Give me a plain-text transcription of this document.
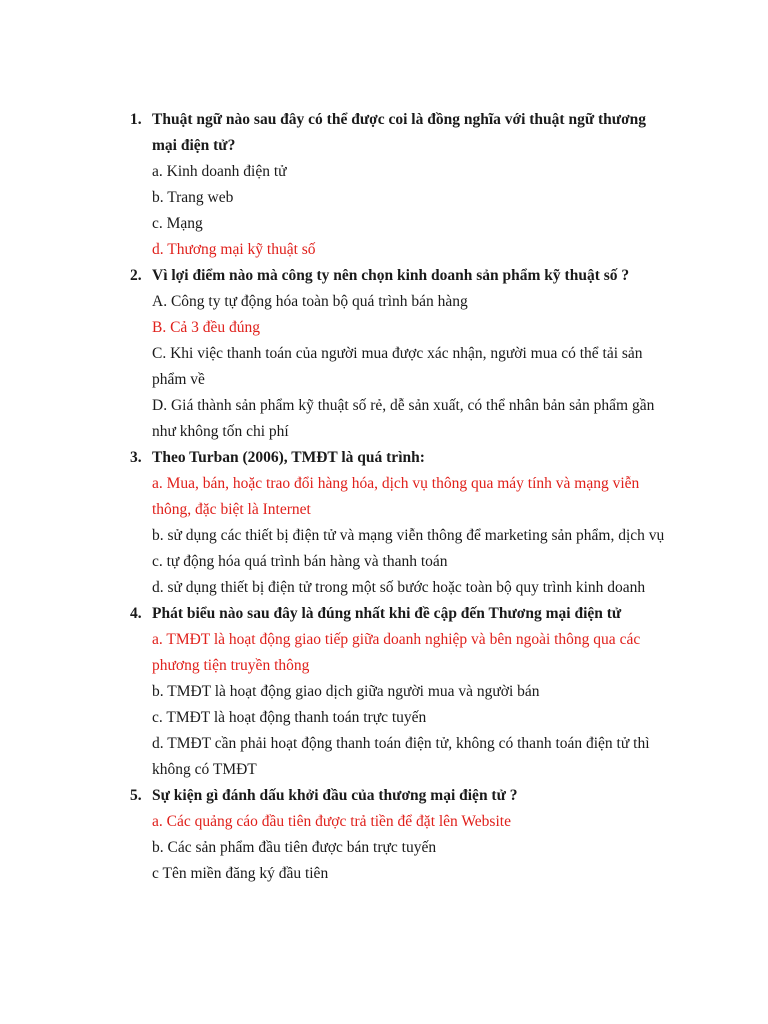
1. Thuật ngữ nào sau đây có thể được coi là đồng nghĩa với thuật ngữ thương mại điện tử?
a. Kinh doanh điện tử
b. Trang web
c. Mạng
d. Thương mại kỹ thuật số
2. Vì lợi điểm nào mà công ty nên chọn kinh doanh sản phẩm kỹ thuật số ?
A. Công ty tự động hóa toàn bộ quá trình bán hàng
B. Cả 3 đều đúng
C. Khi việc thanh toán của người mua được xác nhận, người mua có thể tải sản phẩm về
D. Giá thành sản phẩm kỹ thuật số rẻ, dễ sản xuất, có thể nhân bản sản phẩm gần như không tốn chi phí
3. Theo Turban (2006), TMĐT là quá trình:
a. Mua, bán, hoặc trao đổi hàng hóa, dịch vụ thông qua máy tính và mạng viễn thông, đặc biệt là Internet
b. sử dụng các thiết bị điện tử và mạng viễn thông để marketing sản phẩm, dịch vụ
c. tự động hóa quá trình bán hàng và thanh toán
d. sử dụng thiết bị điện tử trong một số bước hoặc toàn bộ quy trình kinh doanh
4. Phát biểu nào sau đây là đúng nhất khi đề cập đến Thương mại điện tử
a. TMĐT là hoạt động giao tiếp giữa doanh nghiệp và bên ngoài thông qua các phương tiện truyền thông
b. TMĐT là hoạt động giao dịch giữa người mua và người bán
c. TMĐT là hoạt động thanh toán trực tuyến
d. TMĐT cần phải hoạt động thanh toán điện tử, không có thanh toán điện tử thì không có TMĐT
5. Sự kiện gì đánh dấu khởi đầu của thương mại điện tử ?
a. Các quảng cáo đầu tiên được trả tiền để đặt lên Website
b. Các sản phẩm đầu tiên được bán trực tuyến
c Tên miền đăng ký đầu tiên
